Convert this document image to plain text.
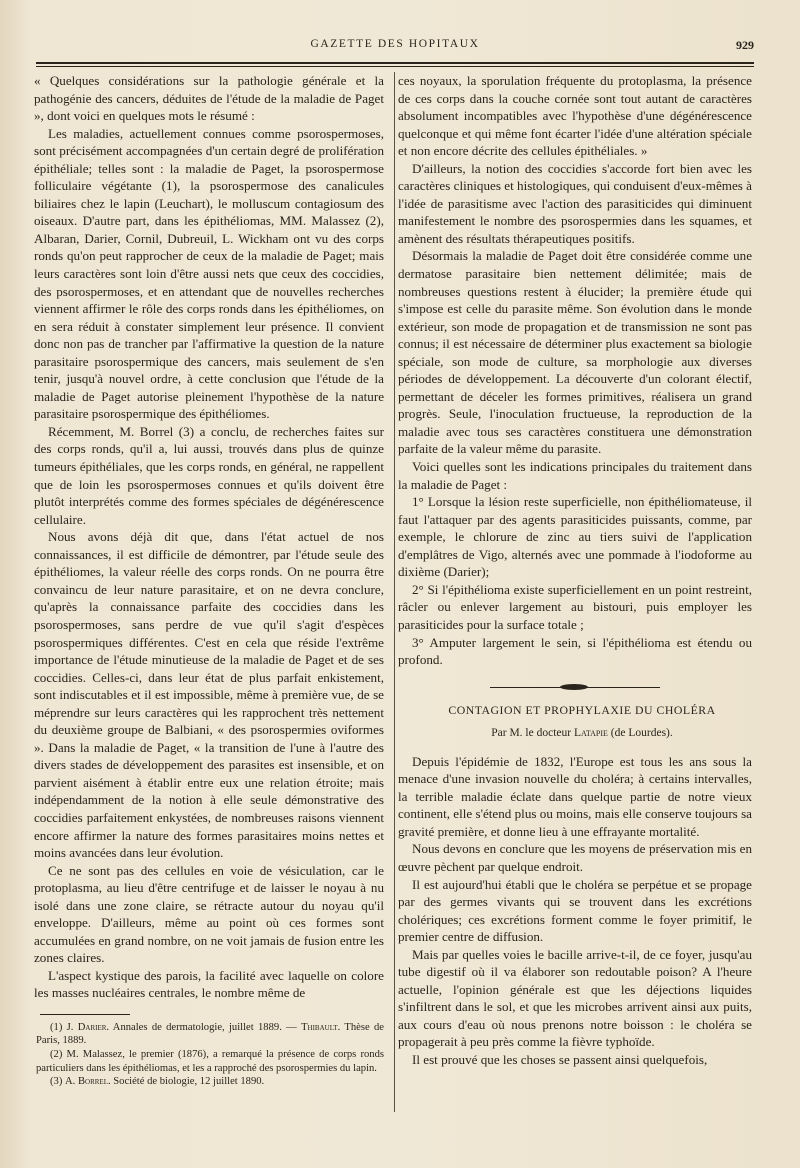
GAZETTE DES HOPITAUX	929

« Quelques considérations sur la pathologie générale et la pathogénie des cancers, déduites de l'étude de la maladie de Paget », dont voici en quelques mots le résumé :

Les maladies, actuellement connues comme psorospermoses, sont précisément accompagnées d'un certain degré de prolifération épithéliale; telles sont : la maladie de Paget, la psorospermose folliculaire végétante (1), la psorospermose des canalicules biliaires chez le lapin (Leuchart), le molluscum contagiosum des oiseaux. D'autre part, dans les épithéliomas, MM. Malassez (2), Albaran, Darier, Cornil, Dubreuil, L. Wickham ont vu des corps ronds qu'on peut rapprocher de ceux de la maladie de Paget; mais leurs caractères sont loin d'être aussi nets que ceux des coccidies, des psorospermoses, et en attendant que de nouvelles recherches viennent affirmer le rôle des corps ronds dans les épithéliomes, on en sera réduit à constater simplement leur présence. Il convient donc non pas de trancher par l'affirmative la question de la nature parasitaire psorospermique des cancers, mais seulement de s'en tenir, jusqu'à nouvel ordre, à cette conclusion que l'étude de la maladie de Paget autorise pleinement l'hypothèse de la nature parasitaire psorospermique des épithéliomes.

Récemment, M. Borrel (3) a conclu, de recherches faites sur des corps ronds, qu'il a, lui aussi, trouvés dans plus de quinze tumeurs épithéliales, que les corps ronds, en général, ne rappellent que de loin les psorospermoses connues et qu'ils doivent être plutôt interprétés comme des formes spéciales de dégénérescence cellulaire.

Nous avons déjà dit que, dans l'état actuel de nos connaissances, il est difficile de démontrer, par l'étude seule des épithéliomes, la valeur réelle des corps ronds. On ne pourra être convaincu de leur nature parasitaire, et on ne devra conclure, qu'après la connaissance parfaite des coccidies dans les psorospermoses, sans perdre de vue qu'il s'agit d'espèces psorospermiques différentes. C'est en cela que réside l'extrême importance de l'étude minutieuse de la maladie de Paget et de ses coccidies. Celles-ci, dans leur état de plus parfait enkistement, sont indiscutables et il est impossible, même à première vue, de se méprendre sur leurs caractères qui les rapprochent très nettement du deuxième groupe de Balbiani, « des psorospermies oviformes ». Dans la maladie de Paget, « la transition de l'une à l'autre des divers stades de développement des parasites est insensible, et on parvient aisément à établir entre eux une relation étroite; mais indépendamment de la notion à elle seule démonstrative des coccidies parfaitement enkystées, de nombreuses raisons viennent encore affirmer la nature des formes parasitaires moins nettes et moins avancées dans leur évolution.

Ce ne sont pas des cellules en voie de vésiculation, car le protoplasma, au lieu d'être centrifuge et de laisser le noyau à nu isolé dans une zone claire, se rétracte autour du noyau qu'il enveloppe. D'ailleurs, même au point où ces formes sont accumulées en grand nombre, on ne voit jamais de fusion entre les zones claires.

L'aspect kystique des parois, la facilité avec laquelle on colore les masses nucléaires centrales, le nombre même de

(1) J. Darier. Annales de dermatologie, juillet 1889. — Thibault. Thèse de Paris, 1889.

(2) M. Malassez, le premier (1876), a remarqué la présence de corps ronds particuliers dans les épithéliomas, et les a rapproché des psorospermies du lapin.

(3) A. Borrel. Société de biologie, 12 juillet 1890.

ces noyaux, la sporulation fréquente du protoplasma, la présence de ces corps dans la couche cornée sont tout autant de caractères absolument incompatibles avec l'hypothèse d'une dégénérescence quelconque et qui même font écarter l'idée d'une altération spéciale et non encore décrite des cellules épithéliales. »

D'ailleurs, la notion des coccidies s'accorde fort bien avec les caractères cliniques et histologiques, qui conduisent d'eux-mêmes à l'idée de parasitisme avec l'action des parasiticides qui diminuent manifestement le nombre des psorospermies dans les squames, et amènent des résultats thérapeutiques positifs.

Désormais la maladie de Paget doit être considérée comme une dermatose parasitaire bien nettement délimitée; mais de nombreuses questions restent à élucider; la première étude qui s'impose est celle du parasite même. Son évolution dans le monde extérieur, son mode de propagation et de transmission ne sont pas connus; il est nécessaire de déterminer plus exactement sa biologie spéciale, son mode de culture, sa morphologie aux diverses périodes de développement. La découverte d'un colorant électif, permettant de déceler les formes primitives, réalisera un grand progrès. Seule, l'inoculation fructueuse, la reproduction de la maladie avec tous ses caractères constituera une démonstration parfaite de la valeur même du parasite.

Voici quelles sont les indications principales du traitement dans la maladie de Paget :

1° Lorsque la lésion reste superficielle, non épithéliomateuse, il faut l'attaquer par des agents parasiticides puissants, comme, par exemple, le chlorure de zinc au tiers suivi de l'application d'emplâtres de Vigo, alternés avec une pommade à l'iodoforme au dixième (Darier);

2° Si l'épithélioma existe superficiellement en un point restreint, râcler ou enlever largement au bistouri, puis employer les parasiticides pour la surface totale ;

3° Amputer largement le sein, si l'épithélioma est étendu ou profond.

CONTAGION ET PROPHYLAXIE DU CHOLÉRA

Par M. le docteur Latapie (de Lourdes).

Depuis l'épidémie de 1832, l'Europe est tous les ans sous la menace d'une invasion nouvelle du choléra; à certains intervalles, la terrible maladie éclate dans quelque partie de notre vieux continent, elle s'étend plus ou moins, mais elle conserve toujours sa gravité première, et donne lieu à une effrayante mortalité.

Nous devons en conclure que les moyens de préservation mis en œuvre pèchent par quelque endroit.

Il est aujourd'hui établi que le choléra se perpétue et se propage par des germes vivants qui se trouvent dans les excrétions cholériques; ces excrétions forment comme le foyer primitif, le premier centre de diffusion.

Mais par quelles voies le bacille arrive-t-il, de ce foyer, jusqu'au tube digestif où il va élaborer son redoutable poison? A l'heure actuelle, l'opinion générale est que les déjections liquides s'infiltrent dans le sol, et que les microbes arrivent ainsi aux puits, aux cours d'eau où nous prenons notre boisson : le choléra se propagerait à peu près comme la fièvre typhoïde.

Il est prouvé que les choses se passent ainsi quelquefois,
